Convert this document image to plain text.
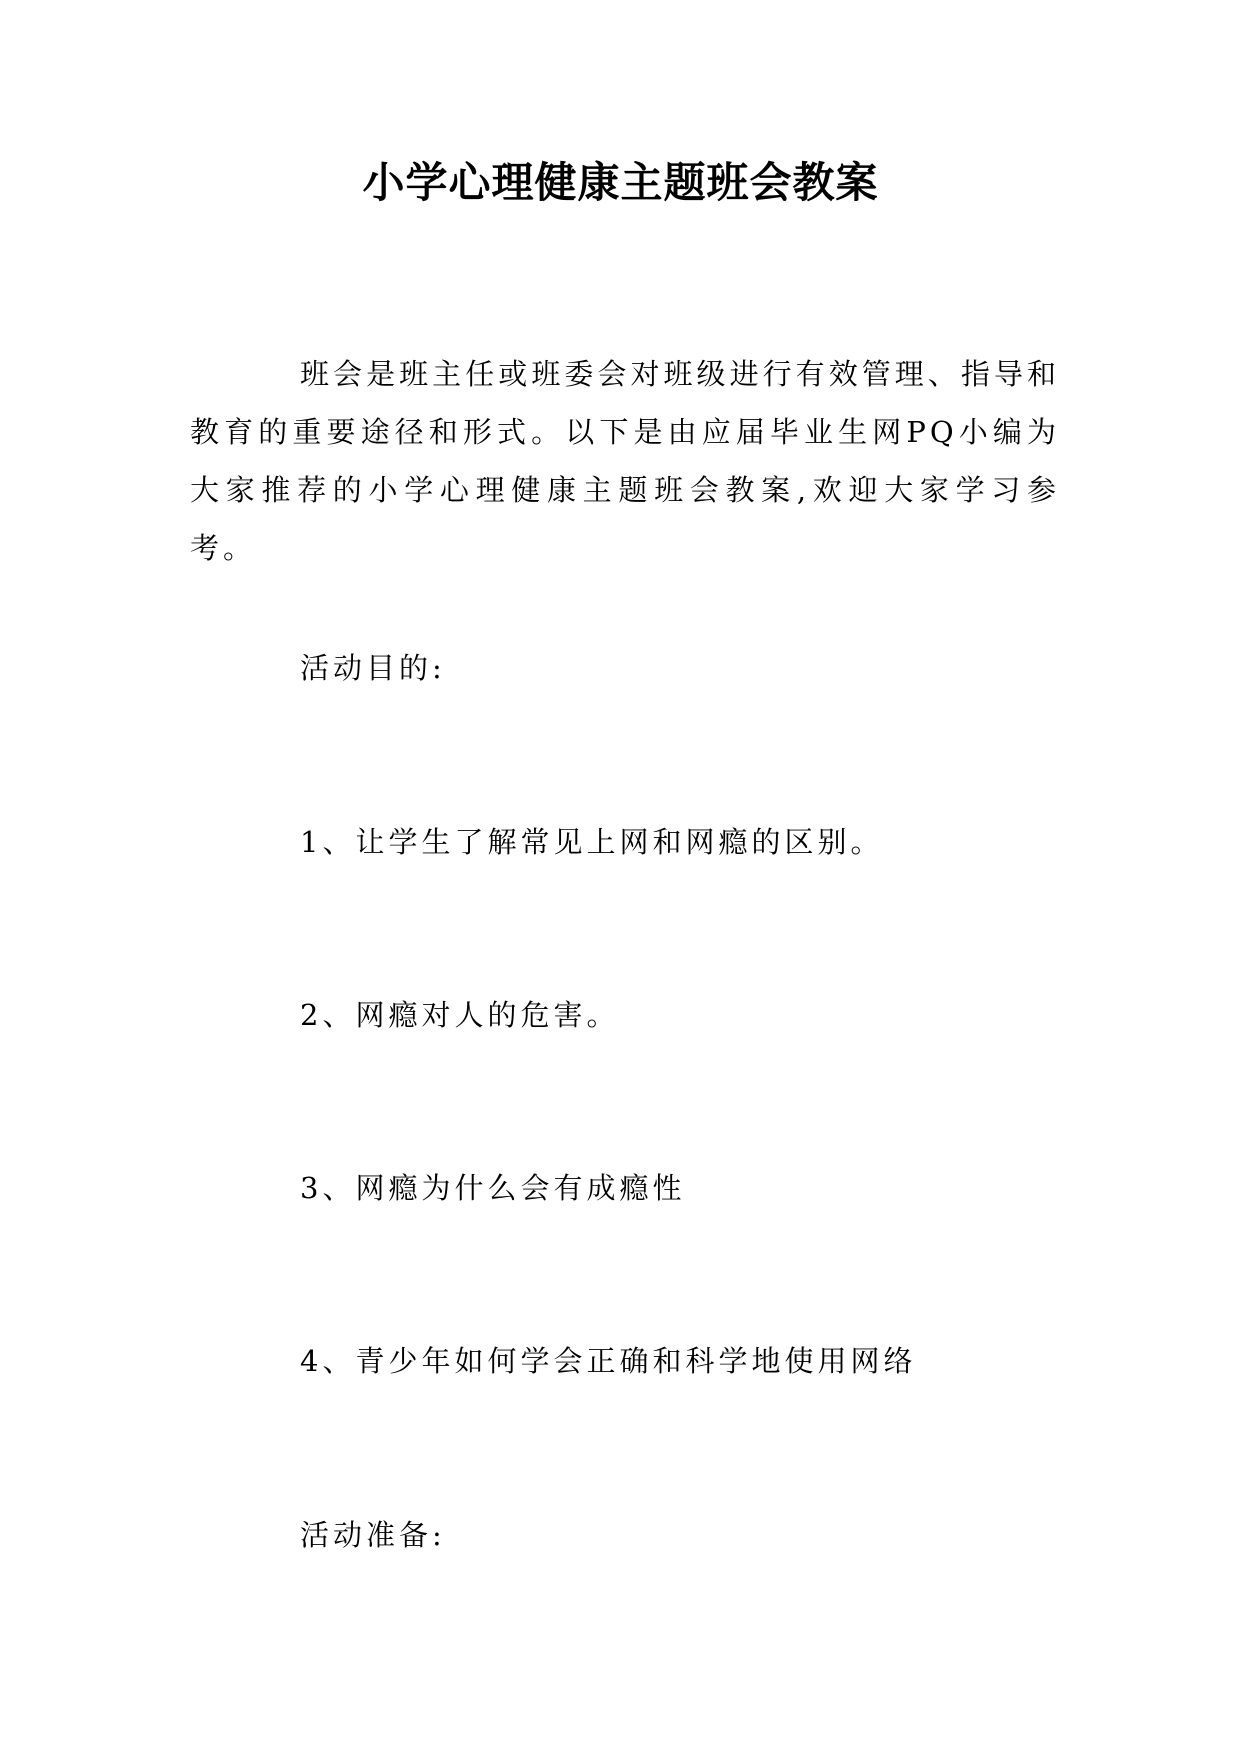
小学心理健康主题班会教案

班会是班主任或班委会对班级进行有效管理、指导和教育的重要途径和形式。以下是由应届毕业生网PQ小编为大家推荐的小学心理健康主题班会教案,欢迎大家学习参考。

活动目的:

1、让学生了解常见上网和网瘾的区别。

2、网瘾对人的危害。

3、网瘾为什么会有成瘾性

4、青少年如何学会正确和科学地使用网络

活动准备:
